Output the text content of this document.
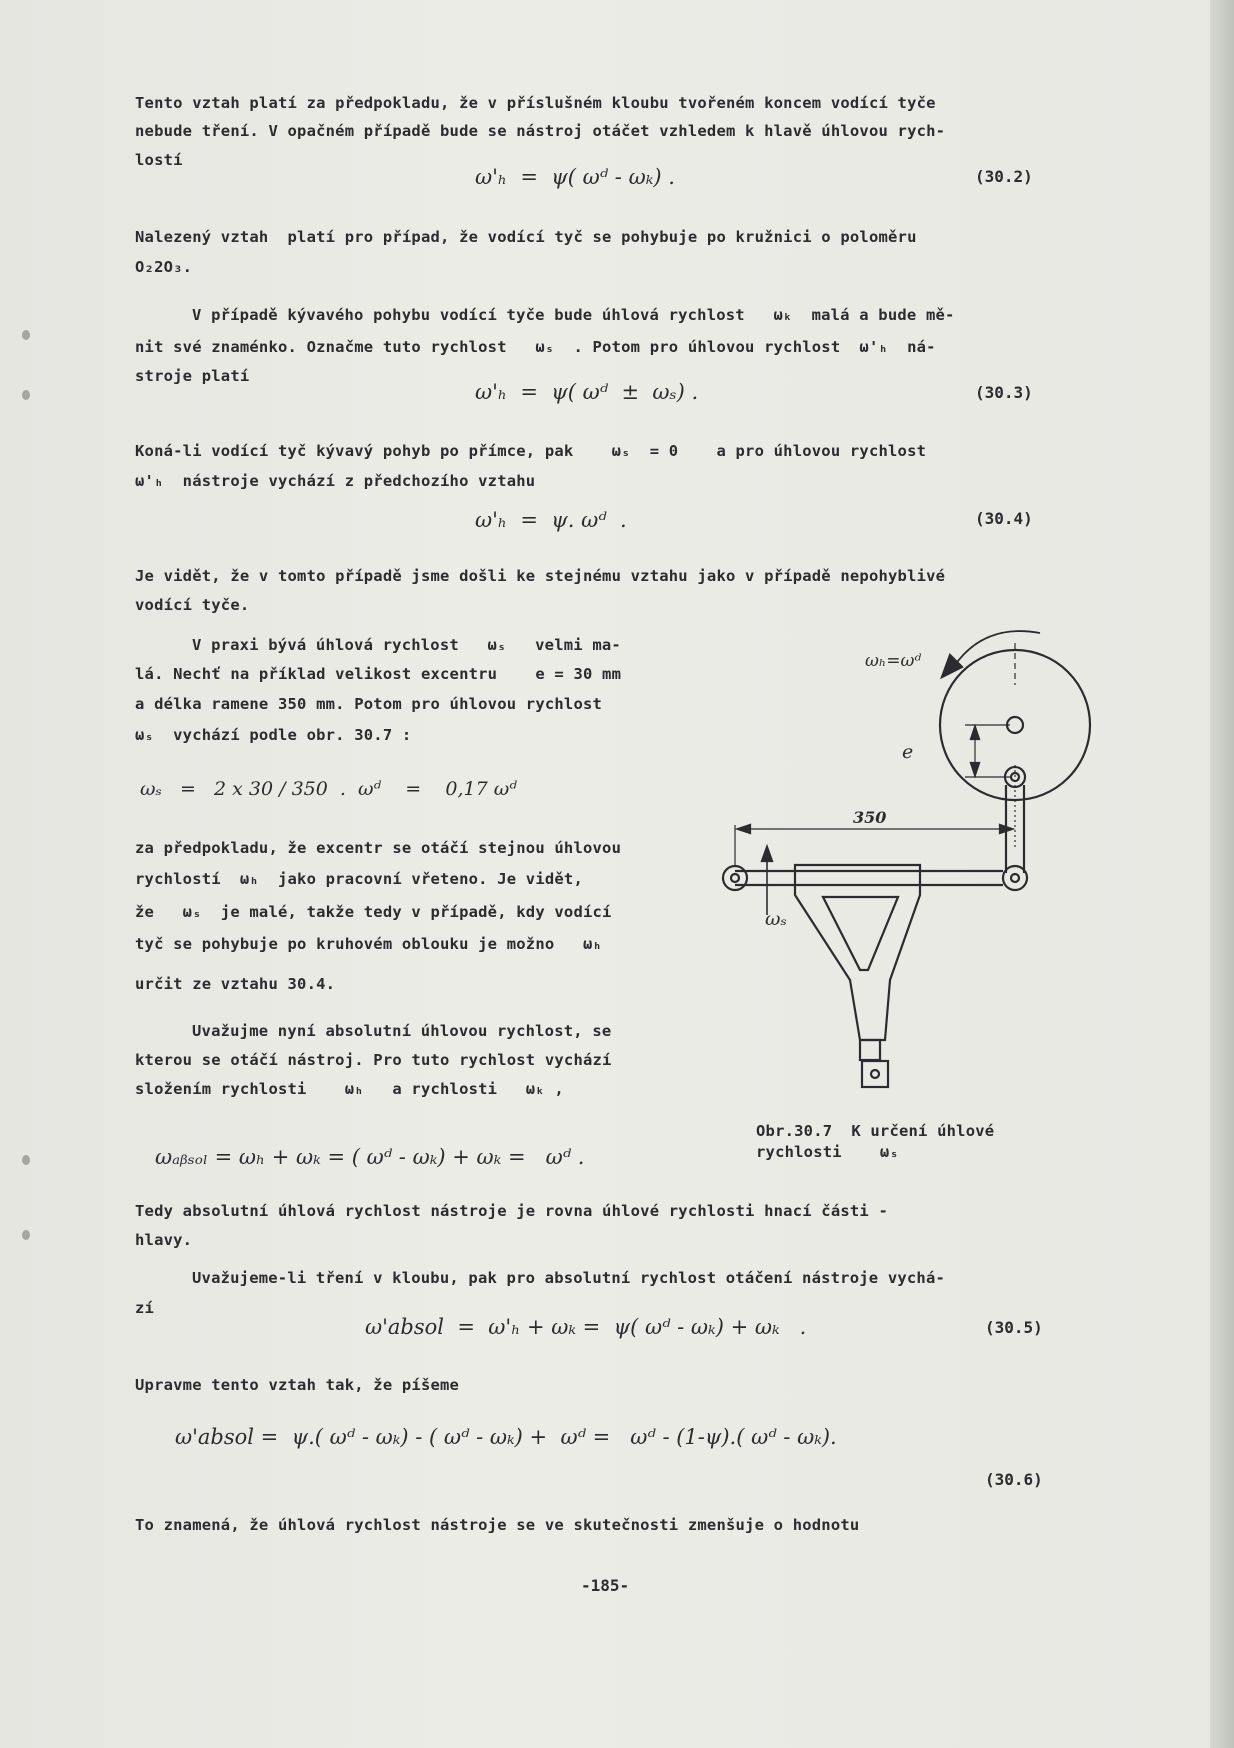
Tento vztah platí za předpokladu, že v příslušném kloubu tvořeném koncem vodící tyče
nebude tření. V opačném případě bude se nástroj otáčet vzhledem k hlavě úhlovou rych-
lostí
ω'ₕ  =  ψ( ωᵈ - ωₖ) .	(30.2)
Nalezený vztah  platí pro případ, že vodící tyč se pohybuje po kružnici o poloměru
O₂2O₃.
V případě kývavého pohybu vodící tyče bude úhlová rychlost   ωₖ  malá a bude mě-
nit své znaménko. Označme tuto rychlost   ωₛ  . Potom pro úhlovou rychlost  ω'ₕ  ná-
stroje platí
ω'ₕ  =  ψ( ωᵈ  ±  ωₛ) .	(30.3)
Koná-li vodící tyč kývavý pohyb po přímce, pak    ωₛ  = 0    a pro úhlovou rychlost
ω'ₕ  nástroje vychází z předchozího vztahu
ω'ₕ  =  ψ. ωᵈ  .	(30.4)
Je vidět, že v tomto případě jsme došli ke stejnému vztahu jako v případě nepohyblivé
vodící tyče.
V praxi bývá úhlová rychlost   ωₛ   velmi ma-
lá. Nechť na příklad velikost excentru    e = 30 mm
a délka ramene 350 mm. Potom pro úhlovou rychlost
ωₛ  vychází podle obr. 30.7 :
ωₛ   =   2 x 30 / 350  .  ωᵈ    =    0,17 ωᵈ
za předpokladu, že excentr se otáčí stejnou úhlovou
rychlostí  ωₕ  jako pracovní vřeteno. Je vidět,
že   ωₛ  je malé, takže tedy v případě, kdy vodící
tyč se pohybuje po kruhovém oblouku je možno   ωₕ
určit ze vztahu 30.4.
Uvažujme nyní absolutní úhlovou rychlost, se
kterou se otáčí nástroj. Pro tuto rychlost vychází
složením rychlosti    ωₕ   a rychlosti   ωₖ ,
ωₐᵦₛₒₗ = ωₕ + ωₖ = ( ωᵈ - ωₖ) + ωₖ =   ωᵈ .
ωₕ=ωᵈ
e
350
ωₛ
Obr.30.7  K určení úhlové
rychlosti    ωₛ
Tedy absolutní úhlová rychlost nástroje je rovna úhlové rychlosti hnací části -
hlavy.
Uvažujeme-li tření v kloubu, pak pro absolutní rychlost otáčení nástroje vychá-
zí
ω'absol  =  ω'ₕ + ωₖ =  ψ( ωᵈ - ωₖ) + ωₖ   .	(30.5)
Upravme tento vztah tak, že píšeme
ω'absol =  ψ.( ωᵈ - ωₖ) - ( ωᵈ - ωₖ) +  ωᵈ =   ωᵈ - (1-ψ).( ωᵈ - ωₖ).
(30.6)
To znamená, že úhlová rychlost nástroje se ve skutečnosti zmenšuje o hodnotu
-185-
